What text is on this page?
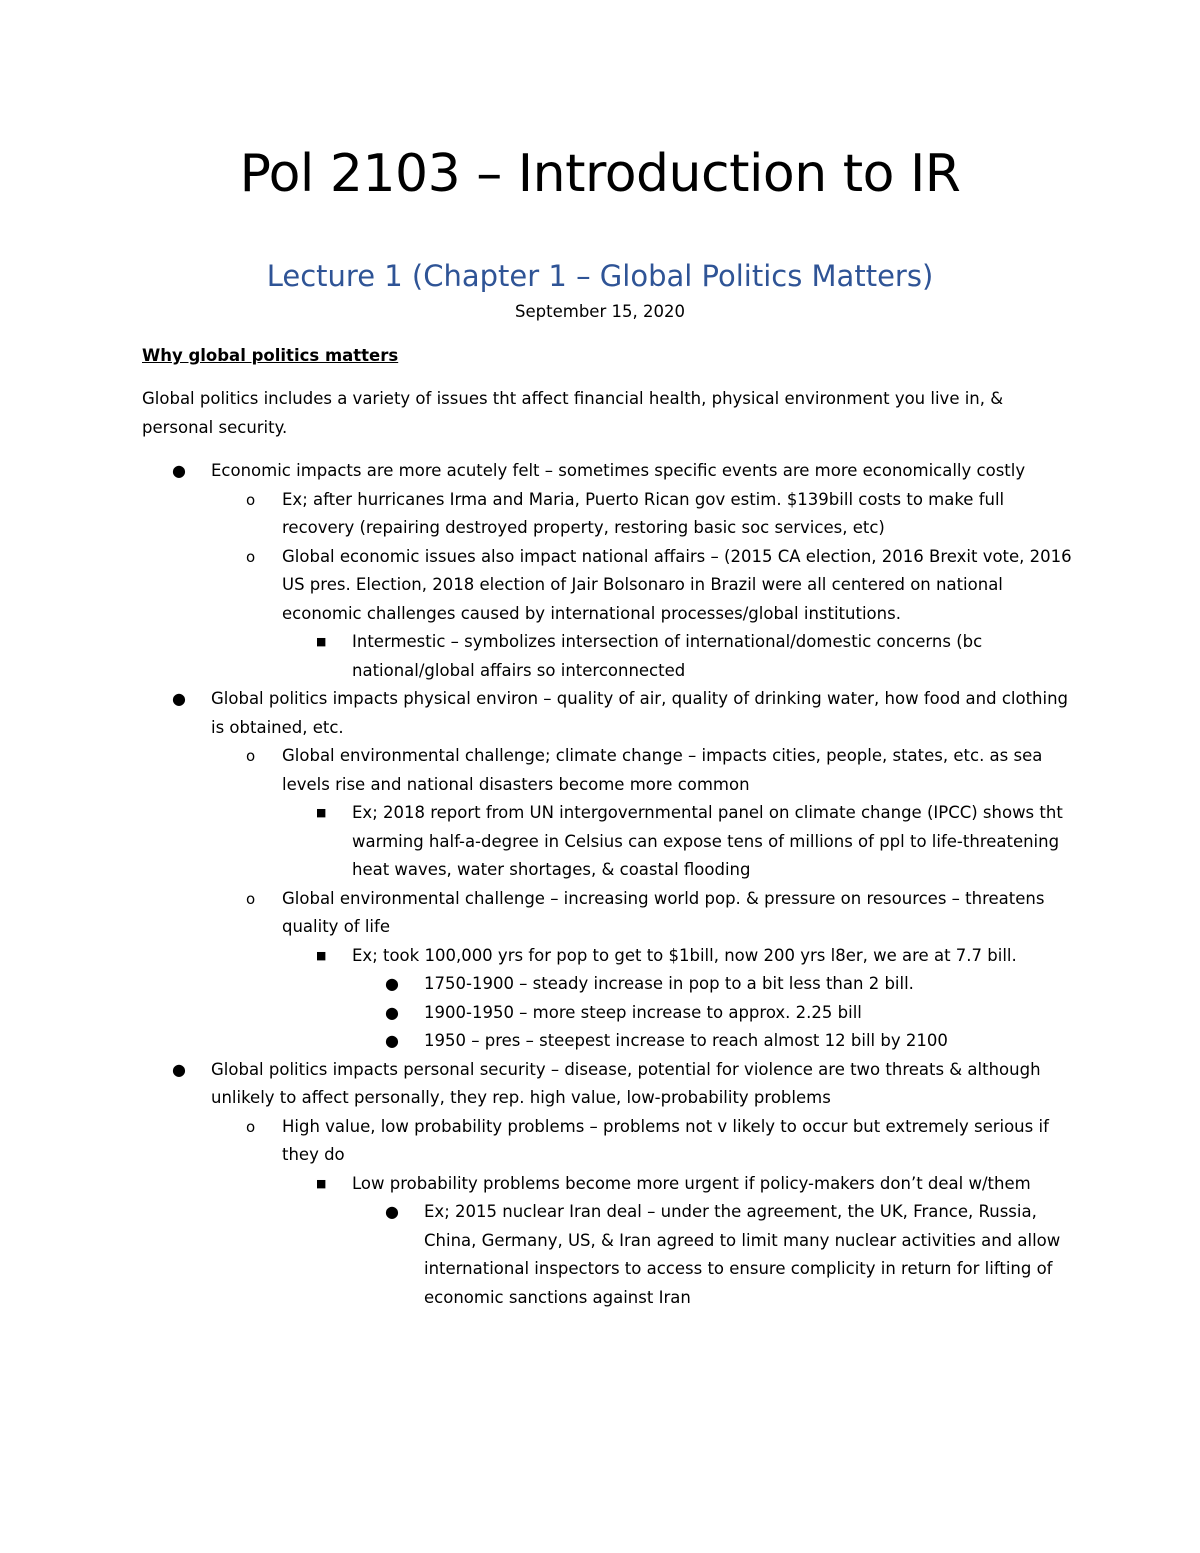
Pol 2103 – Introduction to IR
Lecture 1 (Chapter 1 – Global Politics Matters)
September 15, 2020
Why global politics matters
Global politics includes a variety of issues tht affect financial health, physical environment you live in, & personal security.
● Economic impacts are more acutely felt – sometimes specific events are more economically costly
o Ex; after hurricanes Irma and Maria, Puerto Rican gov estim. $139bill costs to make full recovery (repairing destroyed property, restoring basic soc services, etc)
o Global economic issues also impact national affairs – (2015 CA election, 2016 Brexit vote, 2016 US pres. Election, 2018 election of Jair Bolsonaro in Brazil were all centered on national economic challenges caused by international processes/global institutions.
■ Intermestic – symbolizes intersection of international/domestic concerns (bc national/global affairs so interconnected
● Global politics impacts physical environ – quality of air, quality of drinking water, how food and clothing is obtained, etc.
o Global environmental challenge; climate change – impacts cities, people, states, etc. as sea levels rise and national disasters become more common
■ Ex; 2018 report from UN intergovernmental panel on climate change (IPCC) shows tht warming half-a-degree in Celsius can expose tens of millions of ppl to life-threatening heat waves, water shortages, & coastal flooding
o Global environmental challenge – increasing world pop. & pressure on resources – threatens quality of life
■ Ex; took 100,000 yrs for pop to get to $1bill, now 200 yrs l8er, we are at 7.7 bill.
● 1750-1900 – steady increase in pop to a bit less than 2 bill.
● 1900-1950 – more steep increase to approx. 2.25 bill
● 1950 – pres – steepest increase to reach almost 12 bill by 2100
● Global politics impacts personal security – disease, potential for violence are two threats & although unlikely to affect personally, they rep. high value, low-probability problems
o High value, low probability problems – problems not v likely to occur but extremely serious if they do
■ Low probability problems become more urgent if policy-makers don’t deal w/them
● Ex; 2015 nuclear Iran deal – under the agreement, the UK, France, Russia, China, Germany, US, & Iran agreed to limit many nuclear activities and allow international inspectors to access to ensure complicity in return for lifting of economic sanctions against Iran
